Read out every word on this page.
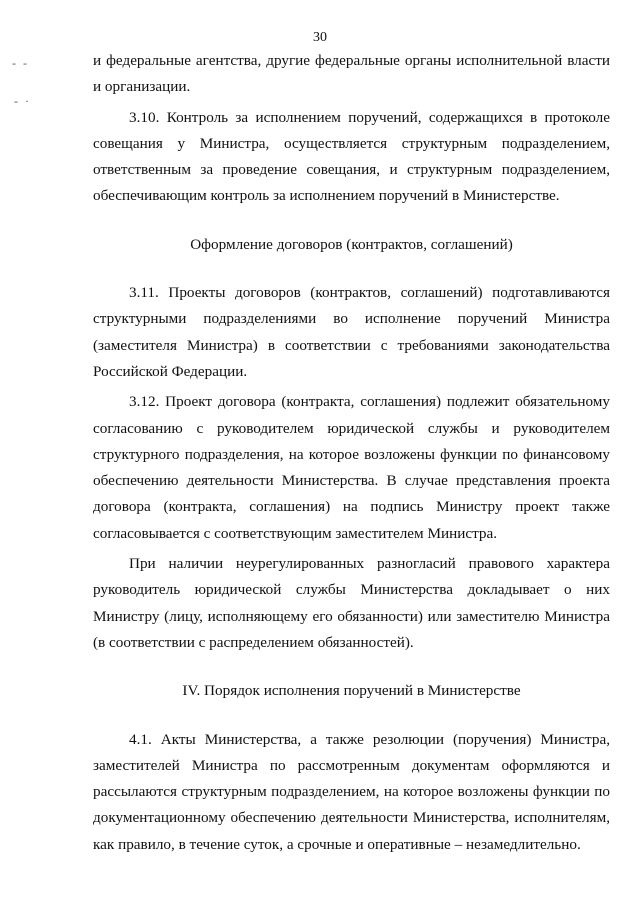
30
- -
- ·

и федеральные агентства, другие федеральные органы исполнительной власти и организации.

3.10. Контроль за исполнением поручений, содержащихся в протоколе совещания у Министра, осуществляется структурным подразделением, ответственным за проведение совещания, и структурным подразделением, обеспечивающим контроль за исполнением поручений в Министерстве.

Оформление договоров (контрактов, соглашений)

3.11. Проекты договоров (контрактов, соглашений) подготавливаются структурными подразделениями во исполнение поручений Министра (заместителя Министра) в соответствии с требованиями законодательства Российской Федерации.

3.12. Проект договора (контракта, соглашения) подлежит обязательному согласованию с руководителем юридической службы и руководителем структурного подразделения, на которое возложены функции по финансовому обеспечению деятельности Министерства. В случае представления проекта договора (контракта, соглашения) на подпись Министру проект также согласовывается с соответствующим заместителем Министра.

При наличии неурегулированных разногласий правового характера руководитель юридической службы Министерства докладывает о них Министру (лицу, исполняющему его обязанности) или заместителю Министра (в соответствии с распределением обязанностей).

IV. Порядок исполнения поручений в Министерстве

4.1. Акты Министерства, а также резолюции (поручения) Министра, заместителей Министра по рассмотренным документам оформляются и рассылаются структурным подразделением, на которое возложены функции по документационному обеспечению деятельности Министерства, исполнителям, как правило, в течение суток, а срочные и оперативные – незамедлительно.
